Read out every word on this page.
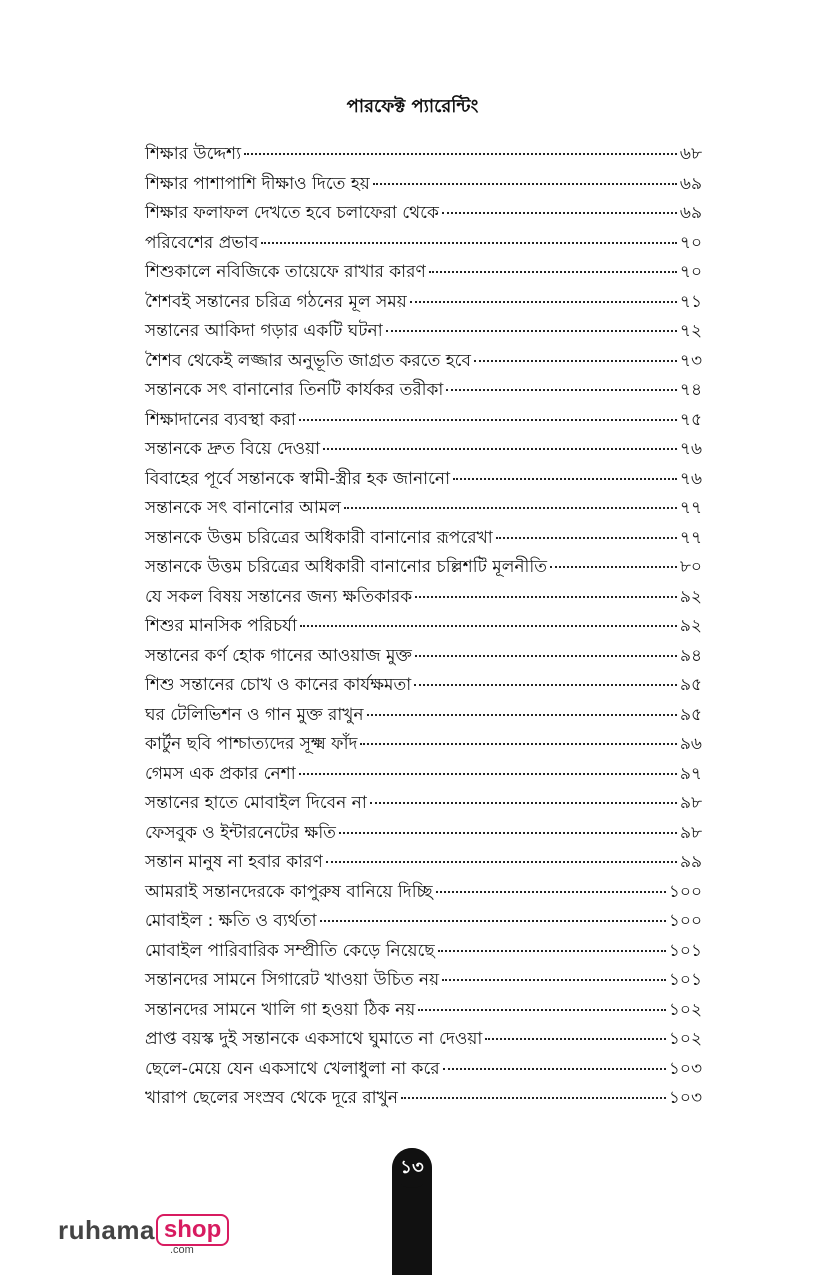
পারফেক্ট প্যারেন্টিং
শিক্ষার উদ্দেশ্য	৬৮
শিক্ষার পাশাপাশি দীক্ষাও দিতে হয়	৬৯
শিক্ষার ফলাফল দেখতে হবে চলাফেরা থেকে	৬৯
পরিবেশের প্রভাব	৭০
শিশুকালে নবিজিকে তায়েফে রাখার কারণ	৭০
শৈশবই সন্তানের চরিত্র গঠনের মূল সময়	৭১
সন্তানের আকিদা গড়ার একটি ঘটনা	৭২
শৈশব থেকেই লজ্জার অনুভূতি জাগ্রত করতে হবে	৭৩
সন্তানকে সৎ বানানোর তিনটি কার্যকর তরীকা	৭৪
শিক্ষাদানের ব্যবস্থা করা	৭৫
সন্তানকে দ্রুত বিয়ে দেওয়া	৭৬
বিবাহের পূর্বে সন্তানকে স্বামী-স্ত্রীর হক জানানো	৭৬
সন্তানকে সৎ বানানোর আমল	৭৭
সন্তানকে উত্তম চরিত্রের অধিকারী বানানোর রূপরেখা	৭৭
সন্তানকে উত্তম চরিত্রের অধিকারী বানানোর চল্লিশটি মূলনীতি	৮০
যে সকল বিষয় সন্তানের জন্য ক্ষতিকারক	৯২
শিশুর মানসিক পরিচর্যা	৯২
সন্তানের কর্ণ হোক গানের আওয়াজ মুক্ত	৯৪
শিশু সন্তানের চোখ ও কানের কার্যক্ষমতা	৯৫
ঘর টেলিভিশন ও গান মুক্ত রাখুন	৯৫
কার্টুন ছবি পাশ্চাত্যদের সূক্ষ্ম ফাঁদ	৯৬
গেমস এক প্রকার নেশা	৯৭
সন্তানের হাতে মোবাইল দিবেন না	৯৮
ফেসবুক ও ইন্টারনেটের ক্ষতি	৯৮
সন্তান মানুষ না হবার কারণ	৯৯
আমরাই সন্তানদেরকে কাপুরুষ বানিয়ে দিচ্ছি	১০০
মোবাইল : ক্ষতি ও ব্যর্থতা	১০০
মোবাইল পারিবারিক সম্প্রীতি কেড়ে নিয়েছে	১০১
সন্তানদের সামনে সিগারেট খাওয়া উচিত নয়	১০১
সন্তানদের সামনে খালি গা হওয়া ঠিক নয়	১০২
প্রাপ্ত বয়স্ক দুই সন্তানকে একসাথে ঘুমাতে না দেওয়া	১০২
ছেলে-মেয়ে যেন একসাথে খেলাধুলা না করে	১০৩
খারাপ ছেলের সংস্রব থেকে দূরে রাখুন	১০৩
১৩
ruhama shop
.com
